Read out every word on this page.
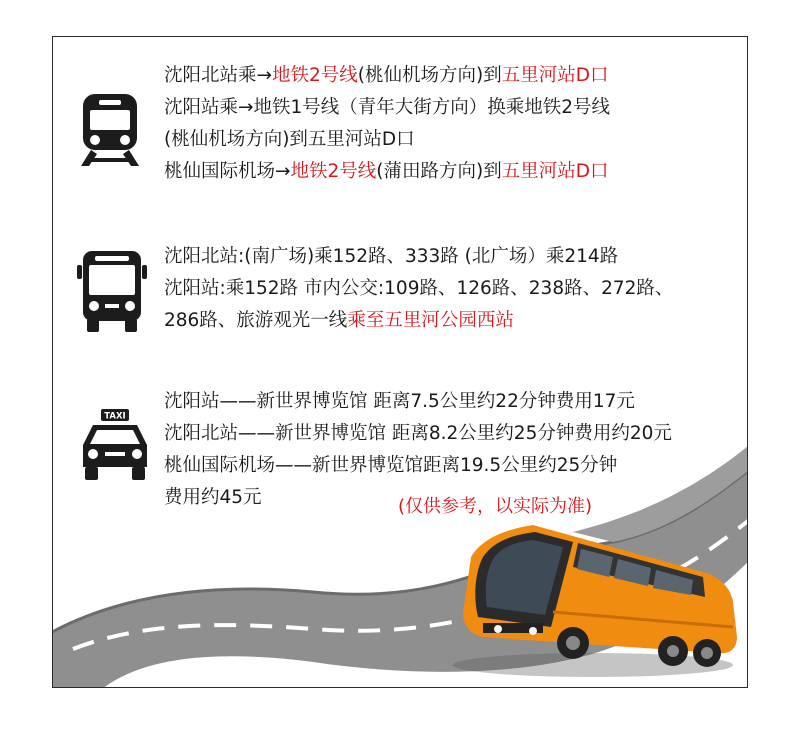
TAXI
沈阳北站乘→地铁2号线(桃仙机场方向)到五里河站D口
沈阳站乘→地铁1号线（青年大街方向）换乘地铁2号线
(桃仙机场方向)到五里河站D口
桃仙国际机场→地铁2号线(蒲田路方向)到五里河站D口
沈阳北站:(南广场)乘152路、333路 (北广场）乘214路
沈阳站:乘152路 市内公交:109路、126路、238路、272路、
286路、旅游观光一线乘至五里河公园西站
沈阳站——新世界博览馆 距离7.5公里约22分钟费用17元
沈阳北站——新世界博览馆 距离8.2公里约25分钟费用约20元
桃仙国际机场——新世界博览馆距离19.5公里约25分钟
费用约45元	(仅供参考，以实际为准)
